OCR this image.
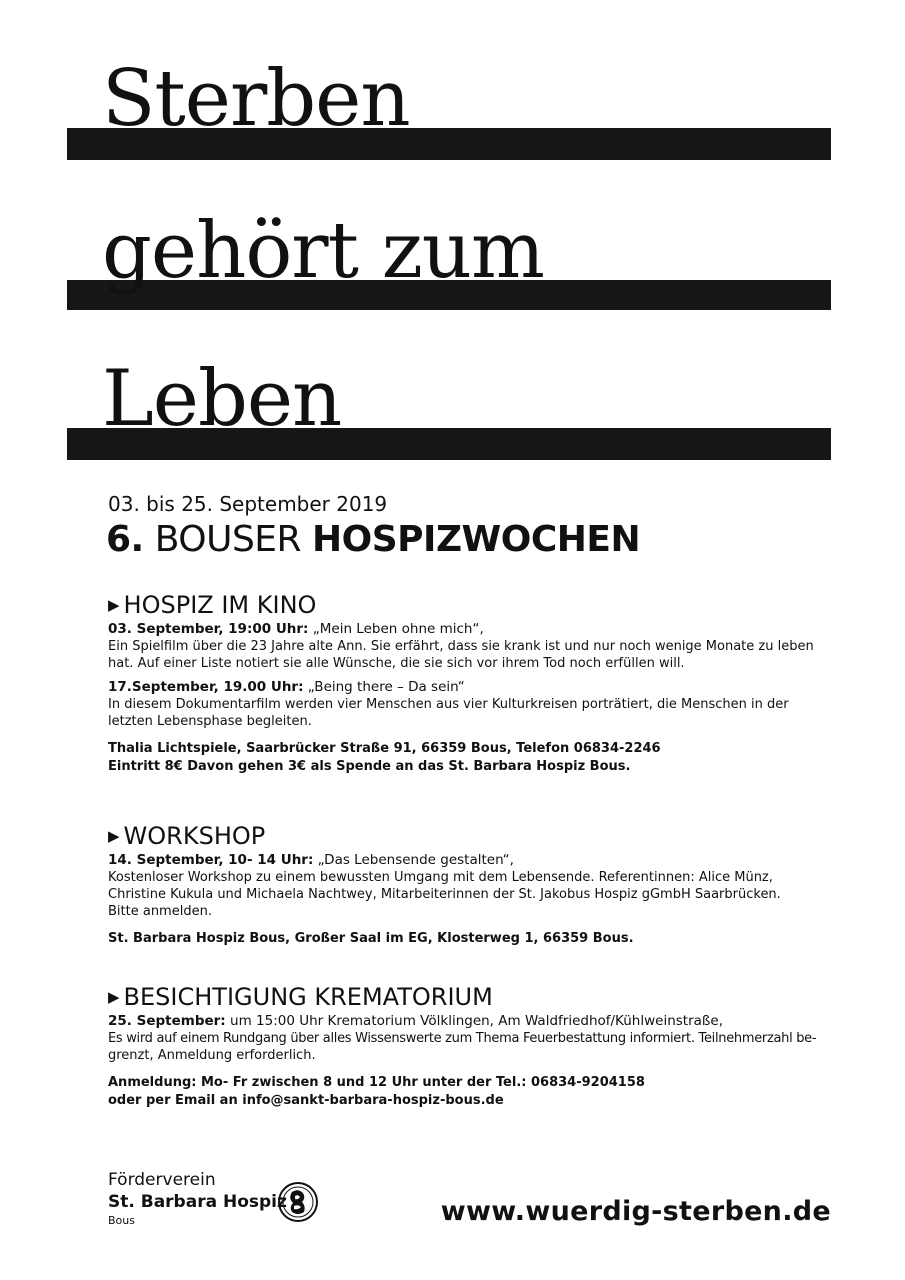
Sterben
gehört zum
Leben
03. bis 25. September 2019
6. BOUSER HOSPIZWOCHEN
▶ HOSPIZ IM KINO
03. September, 19:00 Uhr: „Mein Leben ohne mich“,
Ein Spielfilm über die 23 Jahre alte Ann. Sie erfährt, dass sie krank ist und nur noch wenige Monate zu leben
hat. Auf einer Liste notiert sie alle Wünsche, die sie sich vor ihrem Tod noch erfüllen will.
17.September, 19.00 Uhr: „Being there – Da sein“
In diesem Dokumentarfilm werden vier Menschen aus vier Kulturkreisen porträtiert, die Menschen in der
letzten Lebensphase begleiten.
Thalia Lichtspiele, Saarbrücker Straße 91, 66359 Bous, Telefon 06834-2246
Eintritt 8€ Davon gehen 3€ als Spende an das St. Barbara Hospiz Bous.
▶ WORKSHOP
14. September, 10- 14 Uhr: „Das Lebensende gestalten“,
Kostenloser Workshop zu einem bewussten Umgang mit dem Lebensende. Referentinnen: Alice Münz,
Christine Kukula und Michaela Nachtwey, Mitarbeiterinnen der St. Jakobus Hospiz gGmbH Saarbrücken.
Bitte anmelden.
St. Barbara Hospiz Bous, Großer Saal im EG, Klosterweg 1, 66359 Bous.
▶ BESICHTIGUNG KREMATORIUM
25. September: um 15:00 Uhr Krematorium Völklingen, Am Waldfriedhof/Kühlweinstraße,
Es wird auf einem Rundgang über alles Wissenswerte zum Thema Feuerbestattung informiert. Teilnehmerzahl be-
grenzt, Anmeldung erforderlich.
Anmeldung: Mo- Fr zwischen 8 und 12 Uhr unter der Tel.: 06834-9204158
oder per Email an info@sankt-barbara-hospiz-bous.de
Förderverein
St. Barbara Hospiz
Bous	www.wuerdig-sterben.de
